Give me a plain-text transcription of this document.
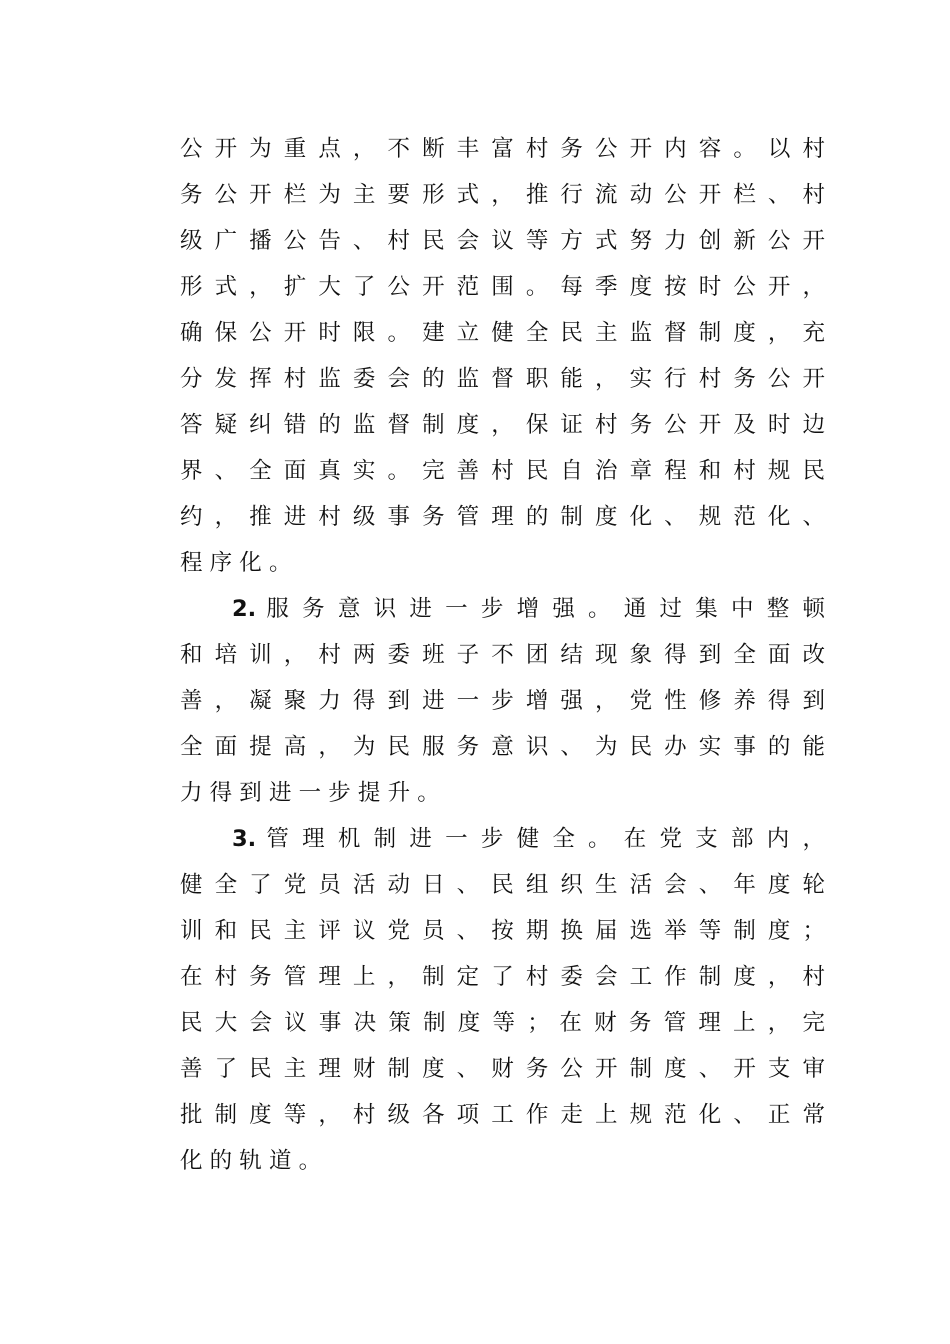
公 开 为 重 点 ， 不 断 丰 富 村 务 公 开 内 容 。 以 村
务 公 开 栏 为 主 要 形 式 ， 推 行 流 动 公 开 栏 、 村
级 广 播 公 告 、 村 民 会 议 等 方 式 努 力 创 新 公 开
形 式 ， 扩 大 了 公 开 范 围 。 每 季 度 按 时 公 开 ，
确 保 公 开 时 限 。 建 立 健 全 民 主 监 督 制 度 ， 充
分 发 挥 村 监 委 会 的 监 督 职 能 ， 实 行 村 务 公 开
答 疑 纠 错 的 监 督 制 度 ， 保 证 村 务 公 开 及 时 边
界 、 全 面 真 实 。 完 善 村 民 自 治 章 程 和 村 规 民
约 ， 推 进 村 级 事 务 管 理 的 制 度 化 、 规 范 化 、
程 序 化 。
2. 服 务 意 识 进 一 步 增 强 。 通 过 集 中 整 顿
和 培 训 ， 村 两 委 班 子 不 团 结 现 象 得 到 全 面 改
善 ， 凝 聚 力 得 到 进 一 步 增 强 ， 党 性 修 养 得 到
全 面 提 高 ， 为 民 服 务 意 识 、 为 民 办 实 事 的 能
力 得 到 进 一 步 提 升 。
3. 管 理 机 制 进 一 步 健 全 。 在 党 支 部 内 ，
健 全 了 党 员 活 动 日 、 民 组 织 生 活 会 、 年 度 轮
训 和 民 主 评 议 党 员 、 按 期 换 届 选 举 等 制 度 ；
在 村 务 管 理 上 ， 制 定 了 村 委 会 工 作 制 度 ， 村
民 大 会 议 事 决 策 制 度 等 ； 在 财 务 管 理 上 ， 完
善 了 民 主 理 财 制 度 、 财 务 公 开 制 度 、 开 支 审
批 制 度 等 ， 村 级 各 项 工 作 走 上 规 范 化 、 正 常
化 的 轨 道 。
